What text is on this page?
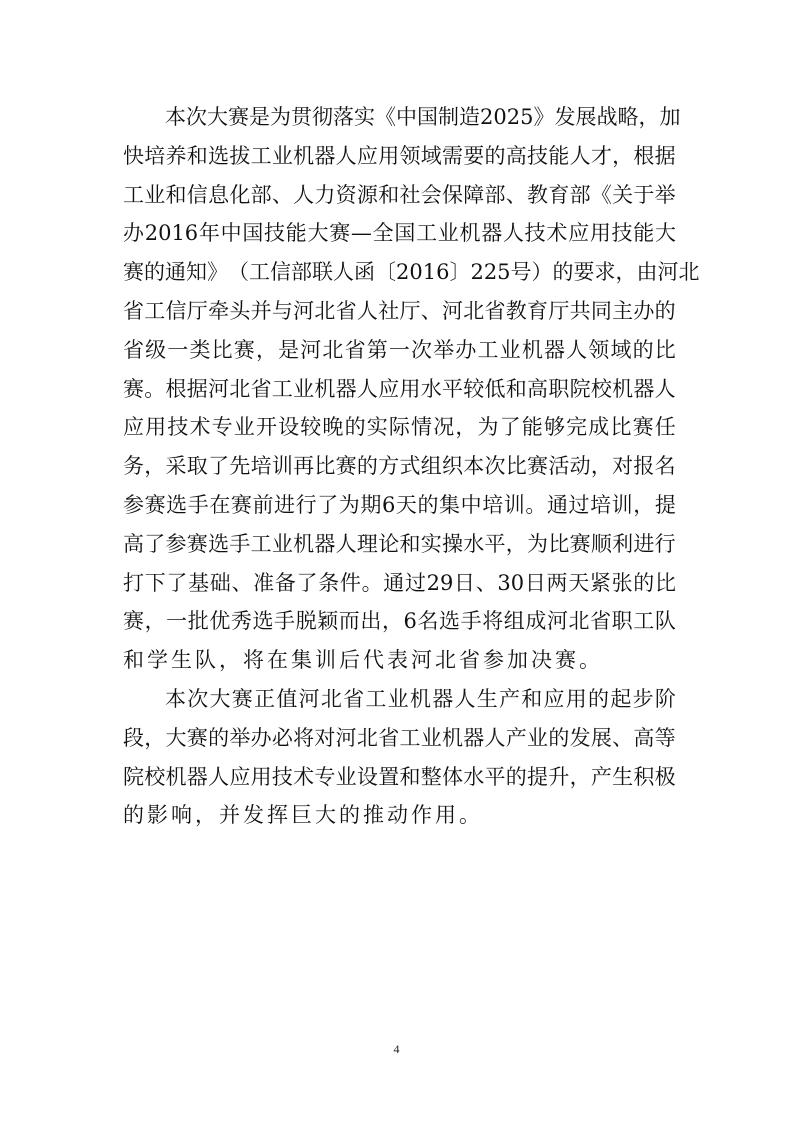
本 次 大 赛 是 为 贯 彻 落 实 《 中 国 制 造 2025 》 发 展 战 略 ， 加
快 培 养 和 选 拔 工 业 机 器 人 应 用 领 域 需 要 的 高 技 能 人 才 ， 根 据
工 业 和 信 息 化 部 、 人 力 资 源 和 社 会 保 障 部 、 教 育 部 《 关 于 举
办 2016 年 中 国 技 能 大 赛 — 全 国 工 业 机 器 人 技 术 应 用 技 能 大
赛 的 通 知 》 （ 工 信 部 联 人 函 〔 2016 〕 225 号 ） 的 要 求 ， 由 河 北
省 工 信 厅 牵 头 并 与 河 北 省 人 社 厅 、 河 北 省 教 育 厅 共 同 主 办 的
省 级 一 类 比 赛 ， 是 河 北 省 第 一 次 举 办 工 业 机 器 人 领 域 的 比
赛 。 根 据 河 北 省 工 业 机 器 人 应 用 水 平 较 低 和 高 职 院 校 机 器 人
应 用 技 术 专 业 开 设 较 晚 的 实 际 情 况 ， 为 了 能 够 完 成 比 赛 任
务 ， 采 取 了 先 培 训 再 比 赛 的 方 式 组 织 本 次 比 赛 活 动 ， 对 报 名
参 赛 选 手 在 赛 前 进 行 了 为 期 6 天 的 集 中 培 训 。 通 过 培 训 ， 提
高 了 参 赛 选 手 工 业 机 器 人 理 论 和 实 操 水 平 ， 为 比 赛 顺 利 进 行
打 下 了 基 础 、 准 备 了 条 件 。 通 过 29 日 、 30 日 两 天 紧 张 的 比
赛 ， 一 批 优 秀 选 手 脱 颖 而 出 ， 6 名 选 手 将 组 成 河 北 省 职 工 队
和学生队，将在集训后代表河北省参加决赛。
本 次 大 赛 正 值 河 北 省 工 业 机 器 人 生 产 和 应 用 的 起 步 阶
段 ， 大 赛 的 举 办 必 将 对 河 北 省 工 业 机 器 人 产 业 的 发 展 、 高 等
院 校 机 器 人 应 用 技 术 专 业 设 置 和 整 体 水 平 的 提 升 ， 产 生 积 极
的影响，并发挥巨大的推动作用。
4
